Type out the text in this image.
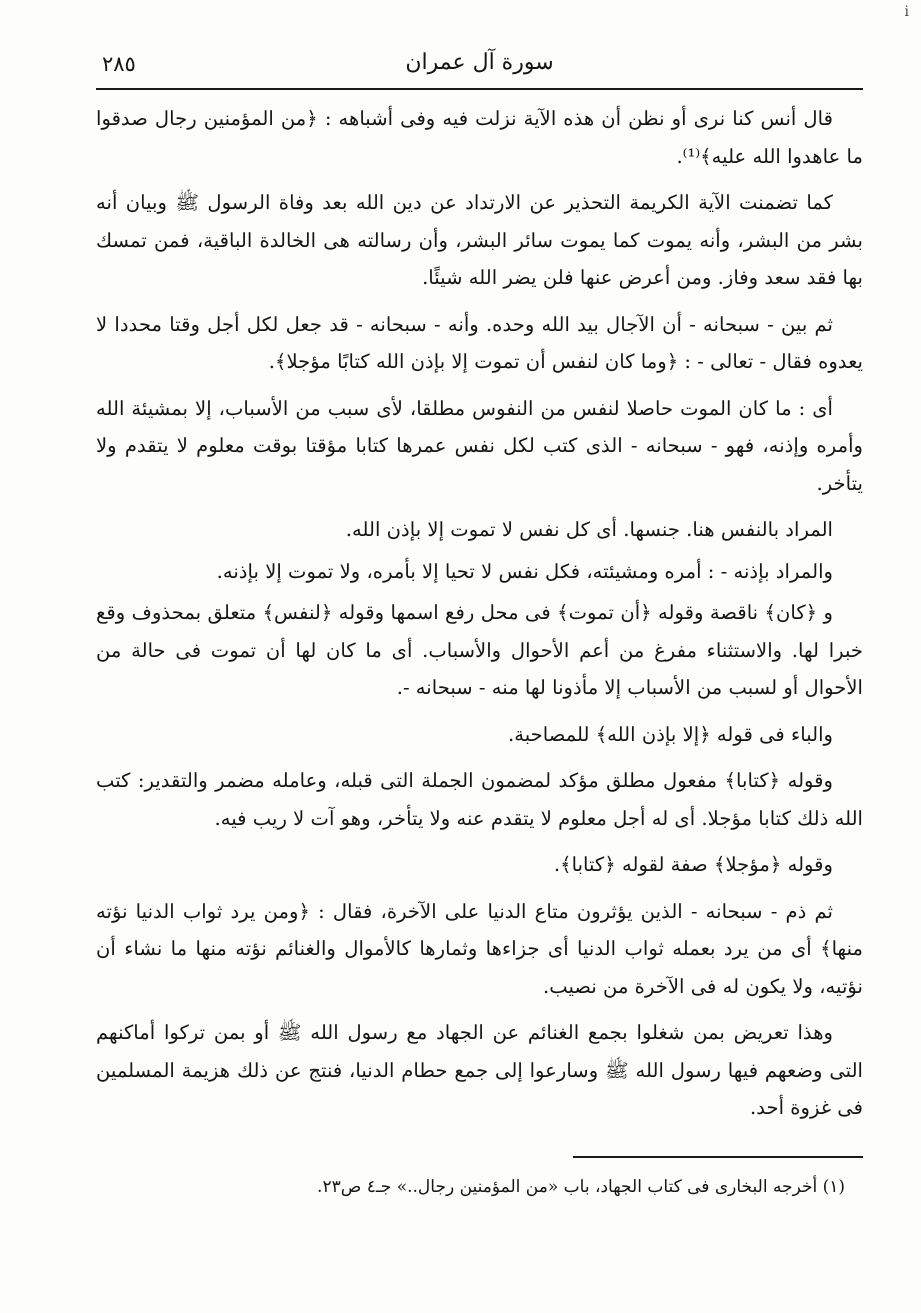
٢٨٥	سورة آل عمران
i

قال أنس كنا نرى أو نظن أن هذه الآية نزلت فيه وفى أشباهه : ﴿من المؤمنين رجال صدقوا ما عاهدوا الله عليه﴾⁽¹⁾.

كما تضمنت الآية الكريمة التحذير عن الارتداد عن دين الله بعد وفاة الرسول ﷺ وبيان أنه بشر من البشر، وأنه يموت كما يموت سائر البشر، وأن رسالته هى الخالدة الباقية، فمن تمسك بها فقد سعد وفاز. ومن أعرض عنها فلن يضر الله شيئًا.

ثم بين - سبحانه - أن الآجال بيد الله وحده. وأنه - سبحانه - قد جعل لكل أجل وقتا محددا لا يعدوه فقال - تعالى - : ﴿وما كان لنفس أن تموت إلا بإذن الله كتابًا مؤجلا﴾.

أى : ما كان الموت حاصلا لنفس من النفوس مطلقا، لأى سبب من الأسباب، إلا بمشيئة الله وأمره وإذنه، فهو - سبحانه - الذى كتب لكل نفس عمرها كتابا مؤقتا بوقت معلوم لا يتقدم ولا يتأخر.

المراد بالنفس هنا. جنسها. أى كل نفس لا تموت إلا بإذن الله.

والمراد بإذنه - : أمره ومشيئته، فكل نفس لا تحيا إلا بأمره، ولا تموت إلا بإذنه.

و ﴿كان﴾ ناقصة وقوله ﴿أن تموت﴾ فى محل رفع اسمها وقوله ﴿لنفس﴾ متعلق بمحذوف وقع خبرا لها. والاستثناء مفرغ من أعم الأحوال والأسباب. أى ما كان لها أن تموت فى حالة من الأحوال أو لسبب من الأسباب إلا مأذونا لها منه - سبحانه -.

والباء فى قوله ﴿إلا بإذن الله﴾ للمصاحبة.

وقوله ﴿كتابا﴾ مفعول مطلق مؤكد لمضمون الجملة التى قبله، وعامله مضمر والتقدير: كتب الله ذلك كتابا مؤجلا. أى له أجل معلوم لا يتقدم عنه ولا يتأخر، وهو آت لا ريب فيه.

وقوله ﴿مؤجلا﴾ صفة لقوله ﴿كتابا﴾.

ثم ذم - سبحانه - الذين يؤثرون متاع الدنيا على الآخرة، فقال : ﴿ومن يرد ثواب الدنيا نؤته منها﴾ أى من يرد بعمله ثواب الدنيا أى جزاءها وثمارها كالأموال والغنائم نؤته منها ما نشاء أن نؤتيه، ولا يكون له فى الآخرة من نصيب.

وهذا تعريض بمن شغلوا بجمع الغنائم عن الجهاد مع رسول الله ﷺ أو بمن تركوا أماكنهم التى وضعهم فيها رسول الله ﷺ وسارعوا إلى جمع حطام الدنيا، فنتج عن ذلك هزيمة المسلمين فى غزوة أحد.

(١) أخرجه البخارى فى كتاب الجهاد، باب «من المؤمنين رجال..» جـ٤ ص٢٣.
